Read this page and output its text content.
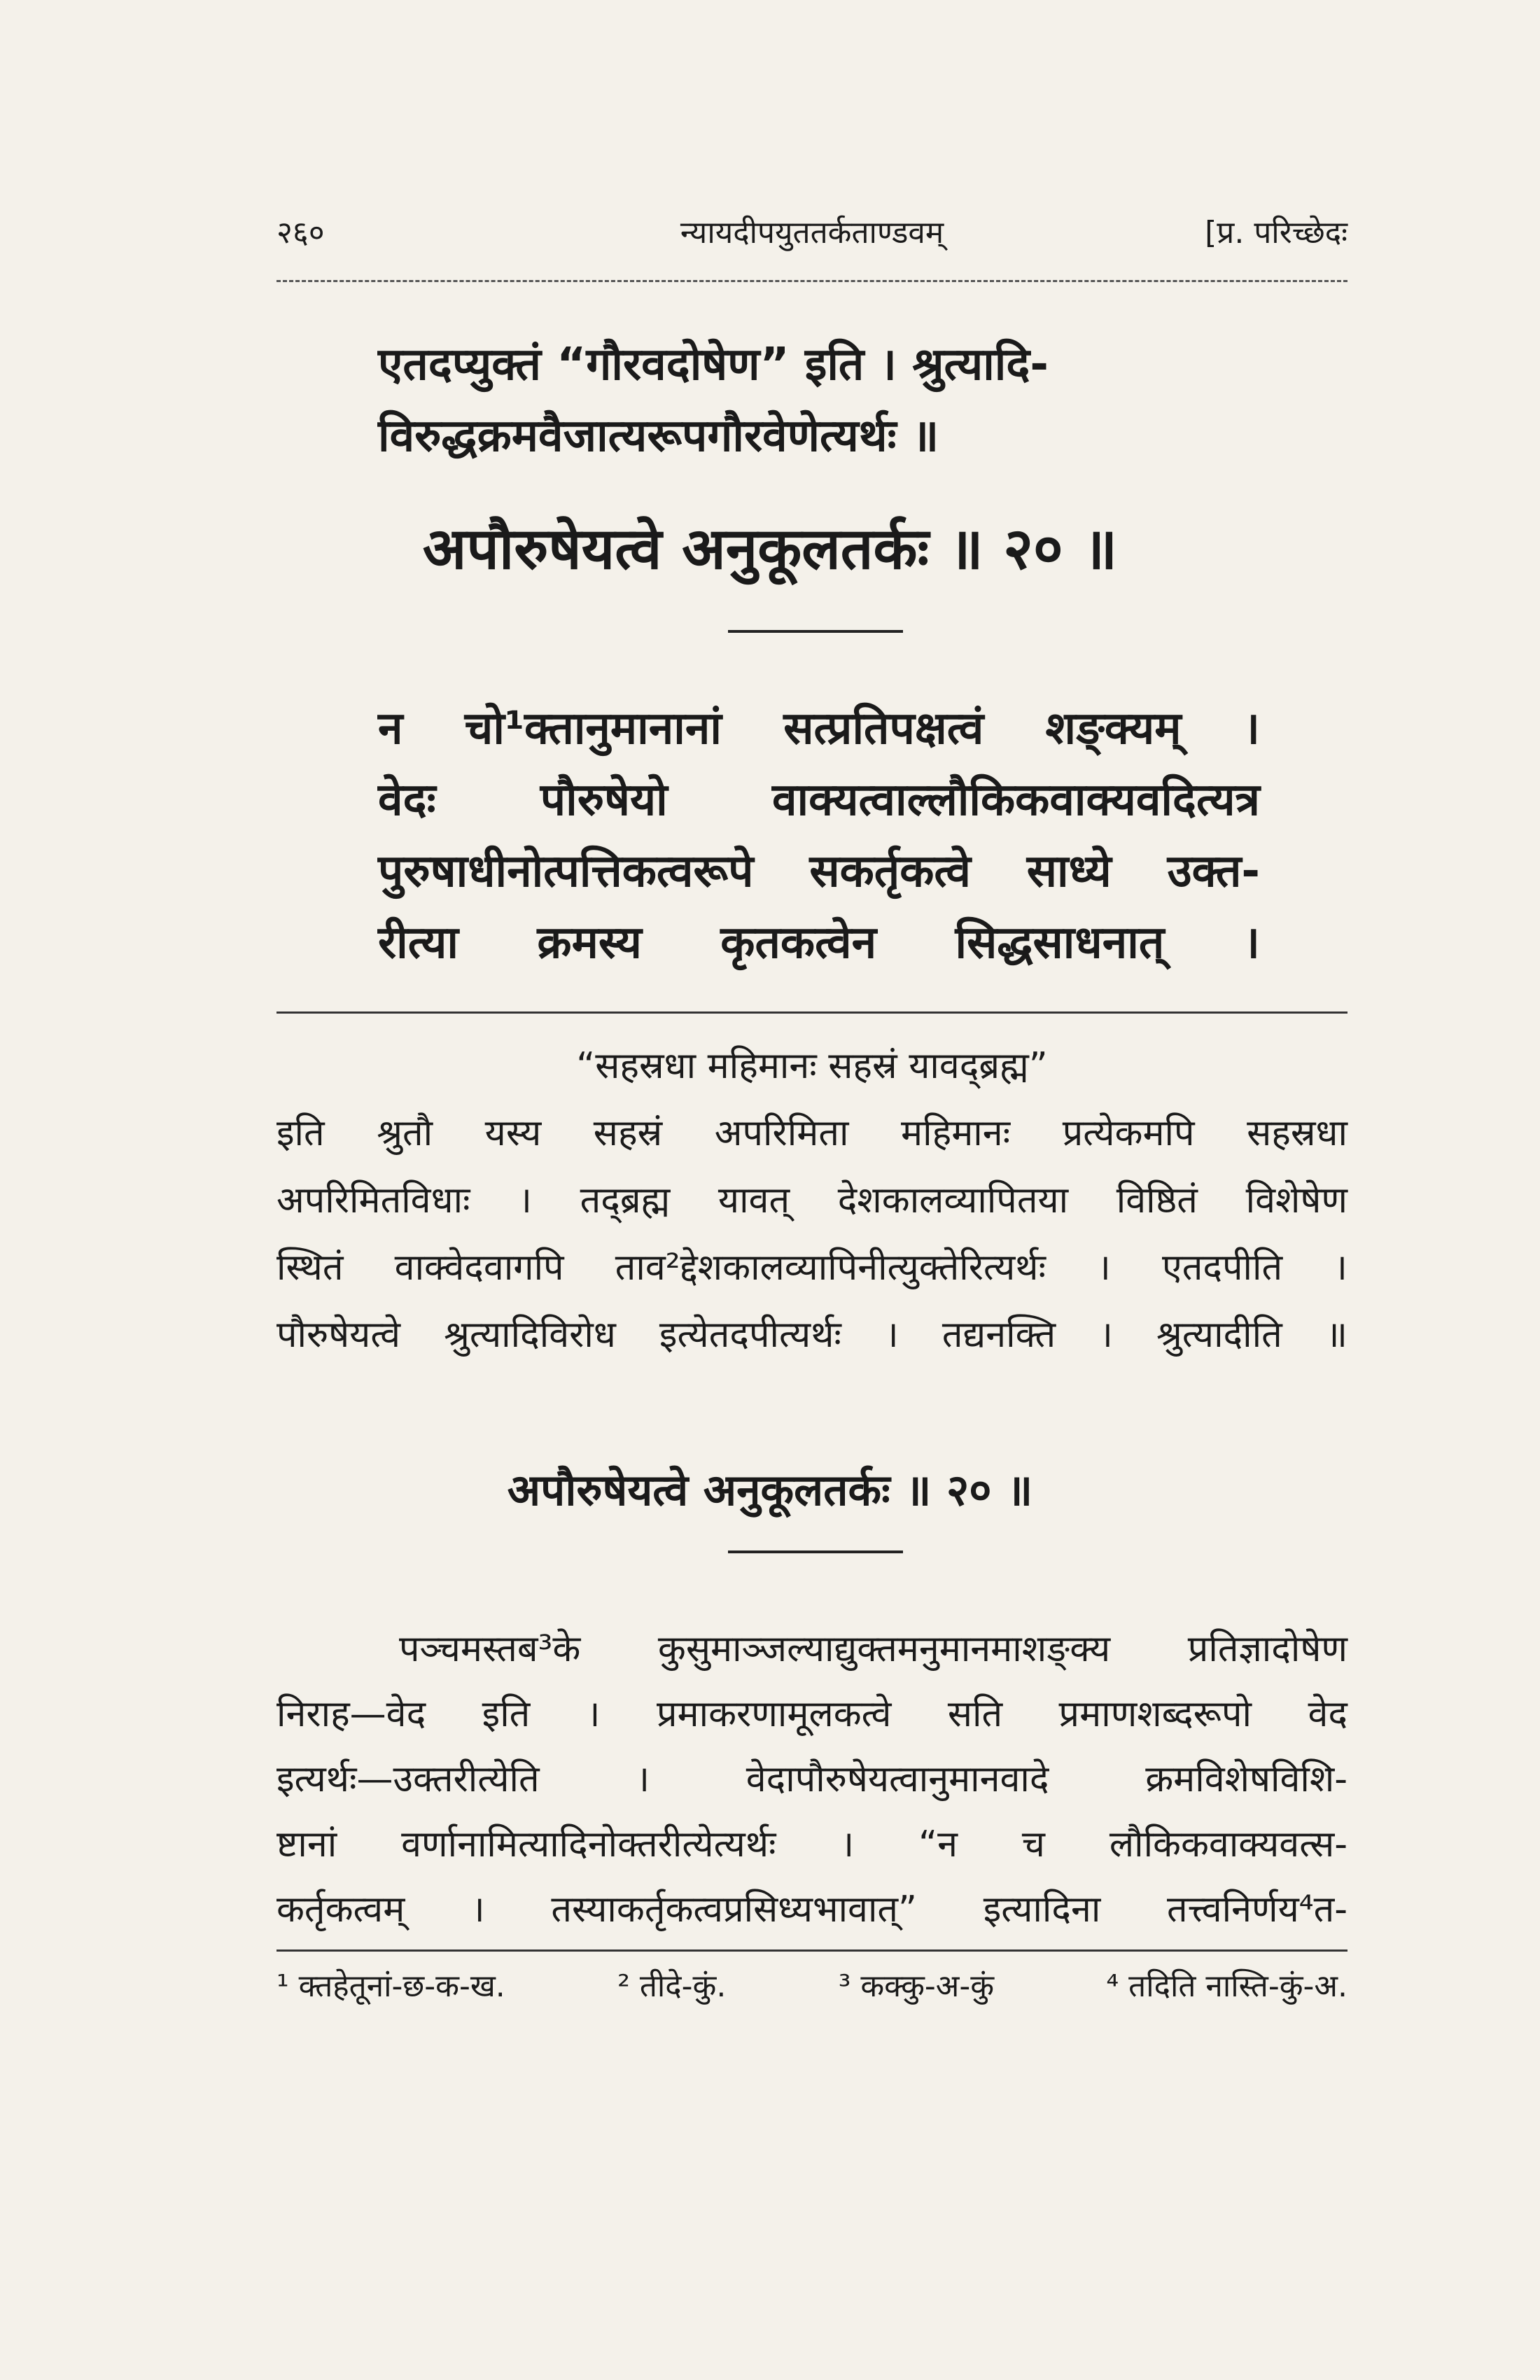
२६०	न्यायदीपयुततर्कताण्डवम्	[प्र. परिच्छेदः
एतदप्युक्तं “गौरवदोषेण” इति । श्रुत्यादि-
विरुद्धक्रमवैजात्यरूपगौरवेणेत्यर्थः ॥
अपौरुषेयत्वे अनुकूलतर्कः ॥ २० ॥
न चो¹क्तानुमानानां सत्प्रतिपक्षत्वं शङ्क्यम् ।
वेदः पौरुषेयो वाक्यत्वाल्लौकिकवाक्यवदित्यत्र
पुरुषाधीनोत्पत्तिकत्वरूपे सकर्तृकत्वे साध्ये उक्त-
रीत्या क्रमस्य कृतकत्वेन सिद्धसाधनात् ।
“सहस्रधा महिमानः सहस्रं यावद्ब्रह्म”
इति श्रुतौ यस्य सहस्रं अपरिमिता महिमानः प्रत्येकमपि सहस्रधा
अपरिमितविधाः । तद्ब्रह्म यावत् देशकालव्यापितया विष्ठितं विशेषेण
स्थितं वाक्वेदवागपि ताव²द्देशकालव्यापिनीत्युक्तेरित्यर्थः । एतदपीति ।
पौरुषेयत्वे श्रुत्यादिविरोध इत्येतदपीत्यर्थः । तद्यनक्ति । श्रुत्यादीति ॥
अपौरुषेयत्वे अनुकूलतर्कः ॥ २० ॥
पञ्चमस्तब³के कुसुमाञ्जल्याद्युक्तमनुमानमाशङ्क्य प्रतिज्ञादोषेण
निराह—वेद इति । प्रमाकरणामूलकत्वे सति प्रमाणशब्दरूपो वेद
इत्यर्थः—उक्तरीत्येति । वेदापौरुषेयत्वानुमानवादे क्रमविशेषविशि-
ष्टानां वर्णानामित्यादिनोक्तरीत्येत्यर्थः । “न च लौकिकवाक्यवत्स-
कर्तृकत्वम् । तस्याकर्तृकत्वप्रसिध्यभावात्” इत्यादिना तत्त्वनिर्णय⁴त-
¹ क्तहेतूनां-छ-क-ख.	² तीदे-कुं.	³ कक्कु-अ-कुं	⁴ तदिति नास्ति-कुं-अ.
